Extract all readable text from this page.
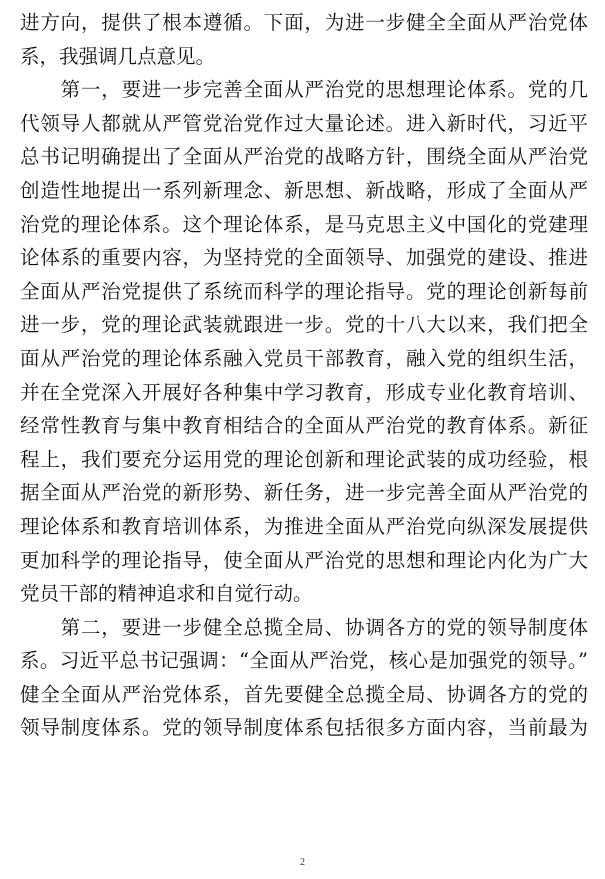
进方向，提供了根本遵循。下面，为进一步健全全面从严治党体
系，我强调几点意见。
　　第一，要进一步完善全面从严治党的思想理论体系。党的几
代领导人都就从严管党治党作过大量论述。进入新时代，习近平
总书记明确提出了全面从严治党的战略方针，围绕全面从严治党
创造性地提出一系列新理念、新思想、新战略，形成了全面从严
治党的理论体系。这个理论体系，是马克思主义中国化的党建理
论体系的重要内容，为坚持党的全面领导、加强党的建设、推进
全面从严治党提供了系统而科学的理论指导。党的理论创新每前
进一步，党的理论武装就跟进一步。党的十八大以来，我们把全
面从严治党的理论体系融入党员干部教育，融入党的组织生活，
并在全党深入开展好各种集中学习教育，形成专业化教育培训、
经常性教育与集中教育相结合的全面从严治党的教育体系。新征
程上，我们要充分运用党的理论创新和理论武装的成功经验，根
据全面从严治党的新形势、新任务，进一步完善全面从严治党的
理论体系和教育培训体系，为推进全面从严治党向纵深发展提供
更加科学的理论指导，使全面从严治党的思想和理论内化为广大
党员干部的精神追求和自觉行动。
　　第二，要进一步健全总揽全局、协调各方的党的领导制度体
系。习近平总书记强调：“全面从严治党，核心是加强党的领导。”
健全全面从严治党体系，首先要健全总揽全局、协调各方的党的
领导制度体系。党的领导制度体系包括很多方面内容，当前最为
2
